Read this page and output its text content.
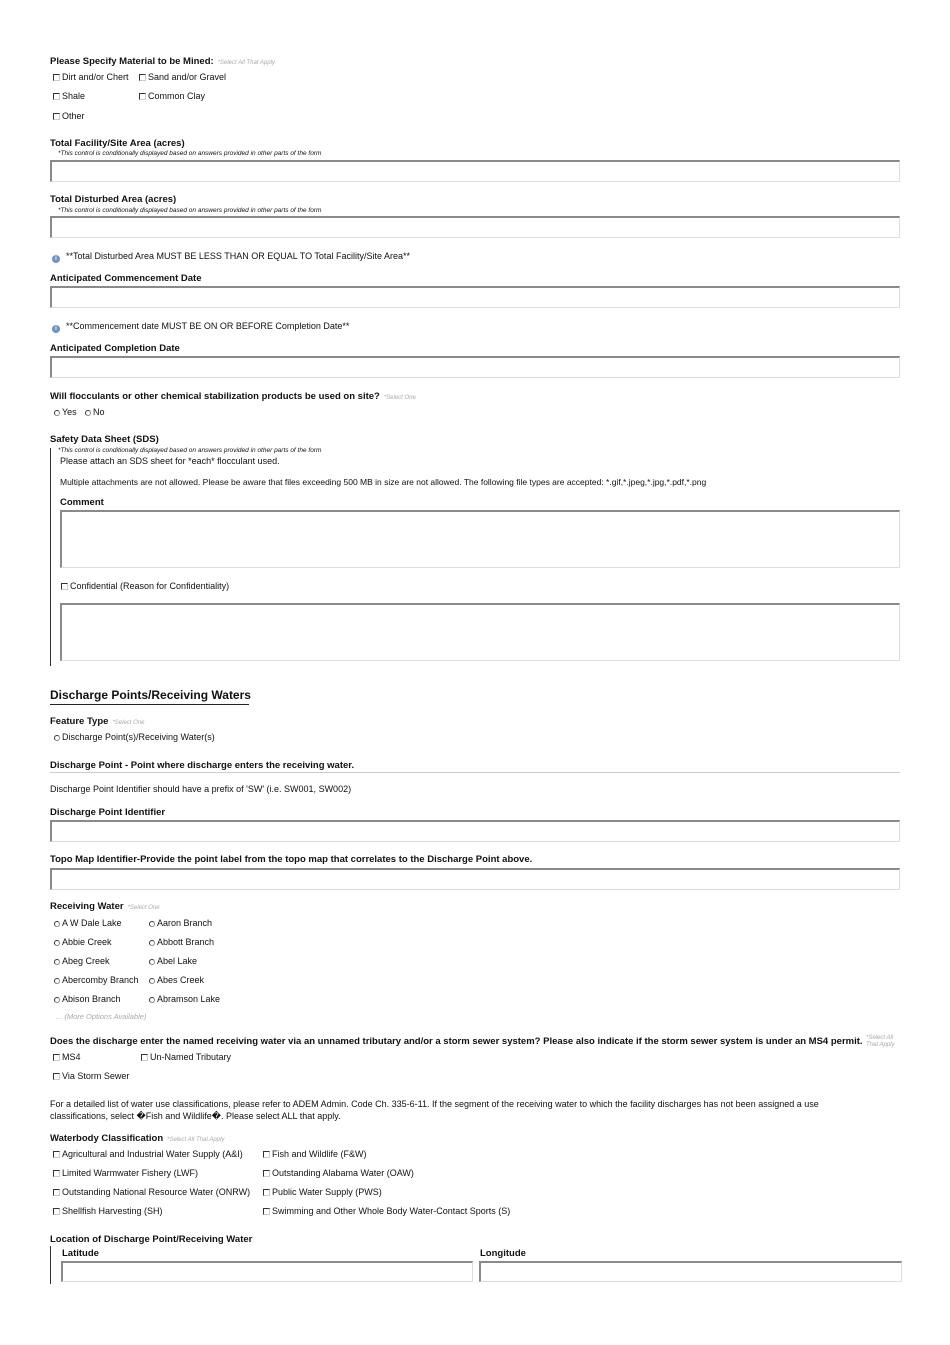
Please Specify Material to be Mined: *Select All That Apply
Dirt and/or Chert	Sand and/or Gravel
Shale	Common Clay
Other
Total Facility/Site Area (acres)
*This control is conditionally displayed based on answers provided in other parts of the form
Total Disturbed Area (acres)
*This control is conditionally displayed based on answers provided in other parts of the form
i **Total Disturbed Area MUST BE LESS THAN OR EQUAL TO Total Facility/Site Area**
Anticipated Commencement Date
i **Commencement date MUST BE ON OR BEFORE Completion Date**
Anticipated Completion Date
Will flocculants or other chemical stabilization products be used on site? *Select One
Yes	No
Safety Data Sheet (SDS)
*This control is conditionally displayed based on answers provided in other parts of the form
Please attach an SDS sheet for *each* flocculant used.
Multiple attachments are not allowed. Please be aware that files exceeding 500 MB in size are not allowed. The following file types are accepted: *.gif,*.jpeg,*.jpg,*.pdf,*.png
Comment
Confidential (Reason for Confidentiality)
Discharge Points/Receiving Waters
Feature Type *Select One
Discharge Point(s)/Receiving Water(s)
Discharge Point - Point where discharge enters the receiving water.
Discharge Point Identifier should have a prefix of 'SW' (i.e. SW001, SW002)
Discharge Point Identifier
Topo Map Identifier-Provide the point label from the topo map that correlates to the Discharge Point above.
Receiving Water *Select One
A W Dale Lake	Aaron Branch
Abbie Creek	Abbott Branch
Abeg Creek	Abel Lake
Abercomby Branch	Abes Creek
Abison Branch	Abramson Lake
... (More Options Available)
Does the discharge enter the named receiving water via an unnamed tributary and/or a storm sewer system? Please also indicate if the storm sewer system is under an MS4 permit. *Select All
That Apply
MS4	Un-Named Tributary
Via Storm Sewer
For a detailed list of water use classifications, please refer to ADEM Admin. Code Ch. 335-6-11. If the segment of the receiving water to which the facility discharges has not been assigned a use classifications, select �Fish and Wildlife�. Please select ALL that apply.
Waterbody Classification *Select All That Apply
Agricultural and Industrial Water Supply (A&I)	Fish and Wildlife (F&W)
Limited Warmwater Fishery (LWF)	Outstanding Alabama Water (OAW)
Outstanding National Resource Water (ONRW)	Public Water Supply (PWS)
Shellfish Harvesting (SH)	Swimming and Other Whole Body Water-Contact Sports (S)
Location of Discharge Point/Receiving Water
Latitude	Longitude
